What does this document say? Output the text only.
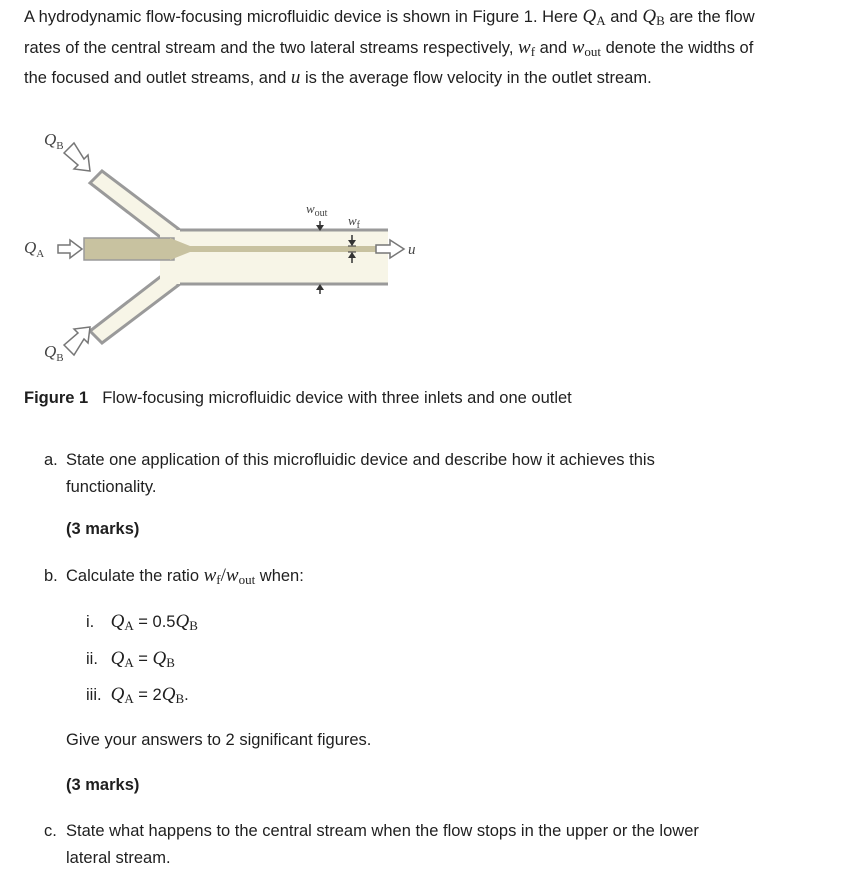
A hydrodynamic flow-focusing microfluidic device is shown in Figure 1. Here $Q_A$ and $Q_B$ are the flow rates of the central stream and the two lateral streams respectively, $w_f$ and $w_{out}$ denote the widths of the focused and outlet streams, and u is the average flow velocity in the outlet stream.

$Q_B$
$Q_A$
$Q_B$
$w_{out}$ $w_f$
u

Figure 1 Flow-focusing microfluidic device with three inlets and one outlet

a. State one application of this microfluidic device and describe how it achieves this functionality.
(3 marks)
b. Calculate the ratio $w_f/w_{out}$ when:
i. $Q_A = 0.5Q_B$
ii. $Q_A = Q_B$
iii. $Q_A = 2Q_B$.
Give your answers to 2 significant figures.
(3 marks)
c. State what happens to the central stream when the flow stops in the upper or the lower lateral stream.
